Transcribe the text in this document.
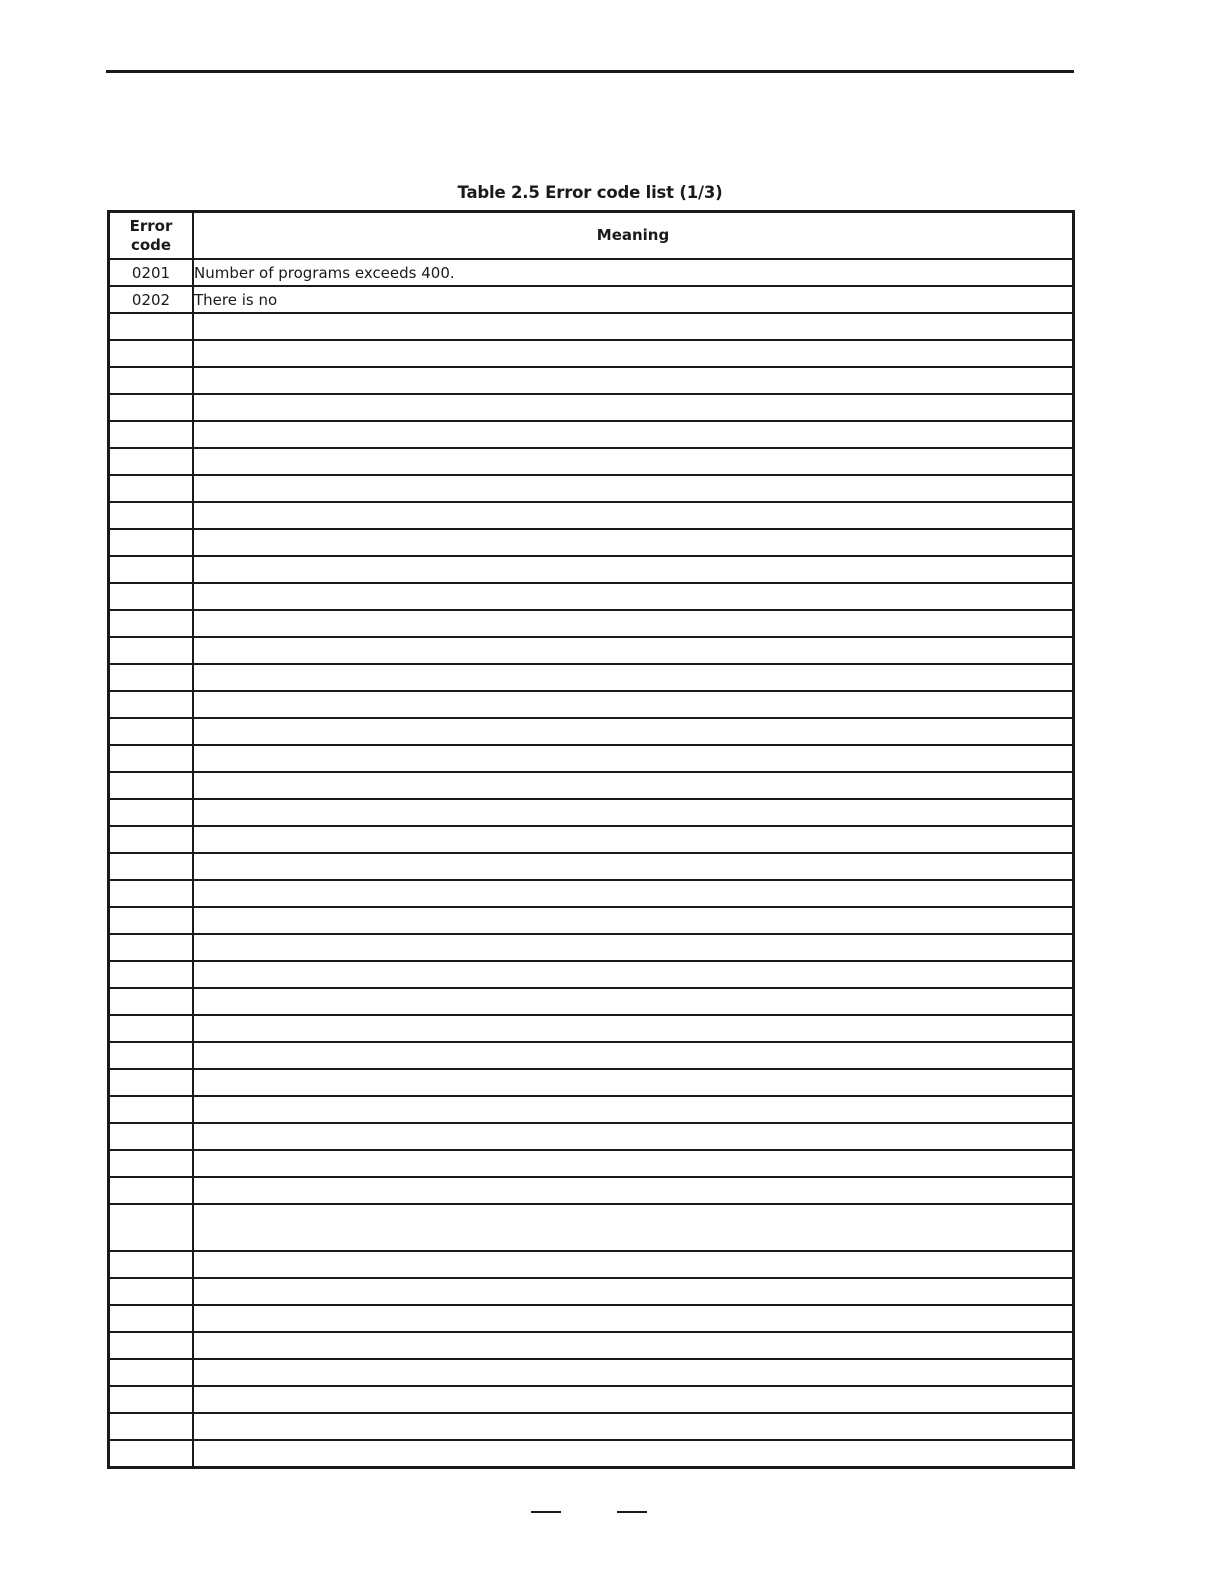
Table 2.5 Error code list (1/3)
Error code	Meaning
0201	Number of programs exceeds 400.
0202	There is no
